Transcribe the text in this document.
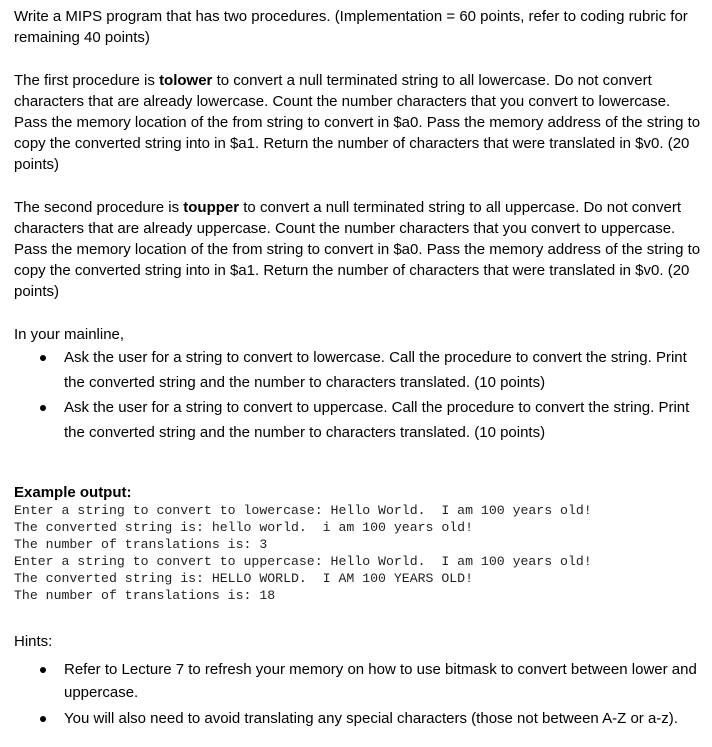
Write a MIPS program that has two procedures. (Implementation = 60 points, refer to coding rubric for remaining 40 points)

The first procedure is tolower to convert a null terminated string to all lowercase. Do not convert characters that are already lowercase. Count the number characters that you convert to lowercase. Pass the memory location of the from string to convert in $a0. Pass the memory address of the string to copy the converted string into in $a1. Return the number of characters that were translated in $v0. (20 points)

The second procedure is toupper to convert a null terminated string to all uppercase. Do not convert characters that are already uppercase. Count the number characters that you convert to uppercase. Pass the memory location of the from string to convert in $a0. Pass the memory address of the string to copy the converted string into in $a1. Return the number of characters that were translated in $v0. (20 points)

In your mainline,

Ask the user for a string to convert to lowercase. Call the procedure to convert the string. Print the converted string and the number to characters translated. (10 points)
Ask the user for a string to convert to uppercase. Call the procedure to convert the string. Print the converted string and the number to characters translated. (10 points)
Example output:
Enter a string to convert to lowercase: Hello World.  I am 100 years old!
The converted string is: hello world.  i am 100 years old!
The number of translations is: 3
Enter a string to convert to uppercase: Hello World.  I am 100 years old!
The converted string is: HELLO WORLD.  I AM 100 YEARS OLD!
The number of translations is: 18

Hints:

Refer to Lecture 7 to refresh your memory on how to use bitmask to convert between lower and uppercase.
You will also need to avoid translating any special characters (those not between A-Z or a-z).
